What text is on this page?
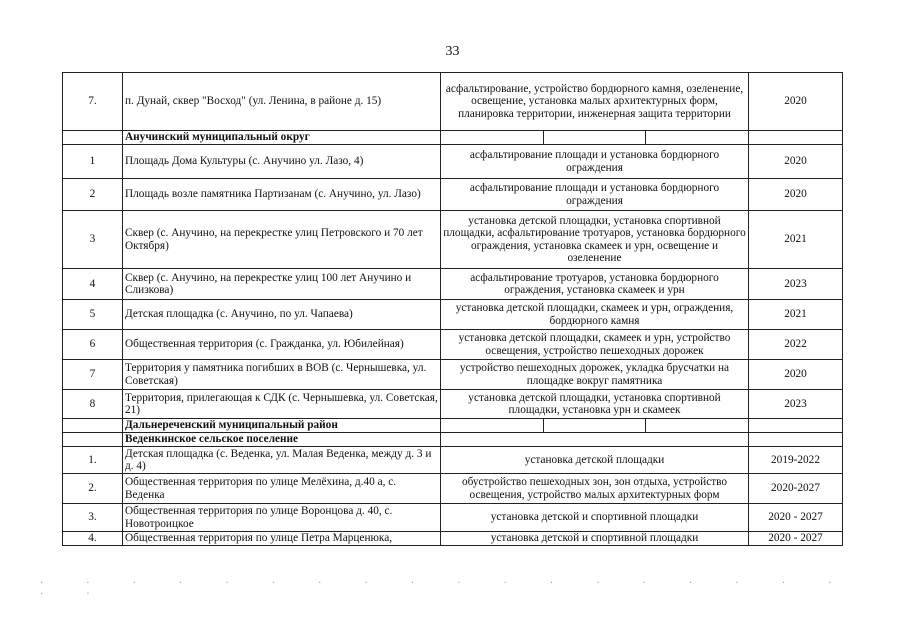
33
7.	п. Дунай, сквер "Восход" (ул. Ленина, в районе д. 15)	асфальтирование, устройство бордюрного камня, озеленение, освещение, установка малых архитектурных форм, планировка территории, инженерная защита территории	2020
	Анучинский муниципальный округ	

1	Площадь Дома Культуры (с. Анучино ул. Лазо, 4)	асфальтирование площади и установка бордюрного ограждения	2020
2	Площадь возле памятника Партизанам (с. Анучино, ул. Лазо)	асфальтирование площади и установка бордюрного ограждения	2020
3	Сквер (с. Анучино, на перекрестке улиц Петровского и 70 лет Октября)	установка детской площадки, установка спортивной площадки, асфальтирование тротуаров, установка бордюрного ограждения, установка скамеек и урн, освещение и озеленение	2021
4	Сквер (с. Анучино, на перекрестке улиц 100 лет Анучино и Слизкова)	асфальтирование тротуаров, установка бордюрного ограждения, установка скамеек и урн	2023
5	Детская площадка (с. Анучино, по ул. Чапаева)	установка детской площадки, скамеек и урн, ограждения, бордюрного камня	2021
6	Общественная территория (с. Гражданка, ул. Юбилейная)	установка детской площадки, скамеек и урн, устройство освещения, устройство пешеходных дорожек	2022
7	Территория у памятника погибших в ВОВ (с. Чернышевка, ул. Советская)	устройство пешеходных дорожек, укладка брусчатки на площадке вокруг памятника	2020
8	Территория, прилегающая к СДК (с. Чернышевка, ул. Советская, 21)	установка детской площадки, установка спортивной площадки, установка урн и скамеек	2023
	Дальнереченский муниципальный район	

	Веденкинское сельское поселение		
1.	Детская площадка (с. Веденка, ул. Малая Веденка, между д. 3 и д. 4)	установка детской площадки	2019-2022
2.	Общественная территория по улице Мелёхина, д.40 а, с. Веденка	обустройство пешеходных зон, зон отдыха, устройство освещения, устройство малых архитектурных форм	2020-2027
3.	Общественная территория по улице Воронцова д. 40, с. Новотроицкое	установка детской и спортивной площадки	2020 - 2027
4.	Общественная территория по улице Петра Марценюка,	установка детской и спортивной площадки	2020 - 2027
· · · · · · · · · · · · · · · · · · · ·
